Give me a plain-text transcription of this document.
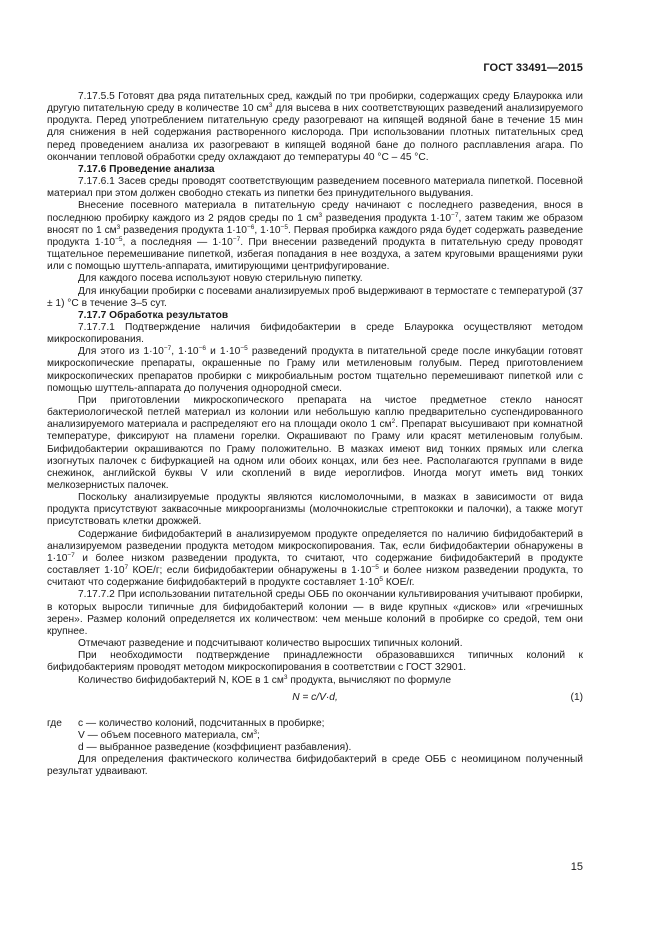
ГОСТ 33491—2015

7.17.5.5 Готовят два ряда питательных сред, каждый по три пробирки, содержащих среду Блаурокка или другую питательную среду в количестве 10 $см^3$ для высева в них соответствующих разведений анализируемого продукта. Перед употреблением питательную среду разогревают на кипящей водяной бане в течение 15 мин для снижения в ней содержания растворенного кислорода. При использовании плотных питательных сред перед проведением анализа их разогревают в кипящей водяной бане до полного расплавления агара. По окончании тепловой обработки среду охлаждают до температуры 40 °C – 45 °C.

7.17.6 Проведение анализа

7.17.6.1 Засев среды проводят соответствующим разведением посевного материала пипеткой. Посевной материал при этом должен свободно стекать из пипетки без принудительного выдувания.

Внесение посевного материала в питательную среду начинают с последнего разведения, внося в последнюю пробирку каждого из 2 рядов среды по 1 $см^3$ разведения продукта $1\cdot 10^{-7}$, затем таким же образом вносят по 1 $см^3$ разведения продукта $1\cdot 10^{-6}$, $1\cdot 10^{-5}$. Первая пробирка каждого ряда будет содержать разведение продукта $1\cdot 10^{-5}$, а последняя — $1\cdot 10^{-7}$. При внесении разведений продукта в питательную среду проводят тщательное перемешивание пипеткой, избегая попадания в нее воздуха, а затем круговыми вращениями руки или с помощью шуттель-аппарата, имитирующими центрифугирование.

Для каждого посева используют новую стерильную пипетку.

Для инкубации пробирки с посевами анализируемых проб выдерживают в термостате с температурой (37 ± 1) °С в течение 3–5 сут.

7.17.7 Обработка результатов

7.17.7.1 Подтверждение наличия бифидобактерии в среде Блаурокка осуществляют методом микроскопирования.

Для этого из $1\cdot 10^{-7}$, $1\cdot 10^{-6}$ и $1\cdot 10^{-5}$ разведений продукта в питательной среде после инкубации готовят микроскопические препараты, окрашенные по Граму или метиленовым голубым. Перед приготовлением микроскопических препаратов пробирки с микробиальным ростом тщательно перемешивают пипеткой или с помощью шуттель-аппарата до получения однородной смеси.

При приготовлении микроскопического препарата на чистое предметное стекло наносят бактериологической петлей материал из колонии или небольшую каплю предварительно суспендированного анализируемого материала и распределяют его на площади около 1 $см^2$. Препарат высушивают при комнатной температуре, фиксируют на пламени горелки. Окрашивают по Граму или красят метиленовым голубым. Бифидобактерии окрашиваются по Граму положительно. В мазках имеют вид тонких прямых или слегка изогнутых палочек с бифуркацией на одном или обоих концах, или без нее. Располагаются группами в виде снежинок, английской буквы V или скоплений в виде иероглифов. Иногда могут иметь вид тонких мелкозернистых палочек.

Поскольку анализируемые продукты являются кисломолочными, в мазках в зависимости от вида продукта присутствуют заквасочные микроорганизмы (молочнокислые стрептококки и палочки), а также могут присутствовать клетки дрожжей.

Содержание бифидобактерий в анализируемом продукте определяется по наличию бифидобактерий в анализируемом разведении продукта методом микроскопирования. Так, если бифидобактерии обнаружены в $1\cdot 10^{-7}$ и более низком разведении продукта, то считают, что содержание бифидобактерий в продукте составляет $1\cdot 10^7$ КОЕ/г; если бифидобактерии обнаружены в $1\cdot 10^{-5}$ и более низком разведении продукта, то считают что содержание бифидобактерий в продукте составляет $1\cdot 10^5$ КОЕ/г.

7.17.7.2 При использовании питательной среды ОББ по окончании культивирования учитывают пробирки, в которых выросли типичные для бифидобактерий колонии — в виде крупных «дисков» или «гречишных зерен». Размер колоний определяется их количеством: чем меньше колоний в пробирке со средой, тем они крупнее.

Отмечают разведение и подсчитывают количество выросших типичных колоний.

При необходимости подтверждение принадлежности образовавшихся типичных колоний к бифидобактериям проводят методом микроскопирования в соответствии с ГОСТ 32901.

Количество бифидобактерий N, КОЕ в 1 $см^3$ продукта, вычисляют по формуле

N = c/V·d,	(1)
где	c — количество колоний, подсчитанных в пробирке;
V — объем посевного материала, $см^3$;
d — выбранное разведение (коэффициент разбавления).

Для определения фактического количества бифидобактерий в среде ОББ с неомицином полученный результат удваивают.

15
